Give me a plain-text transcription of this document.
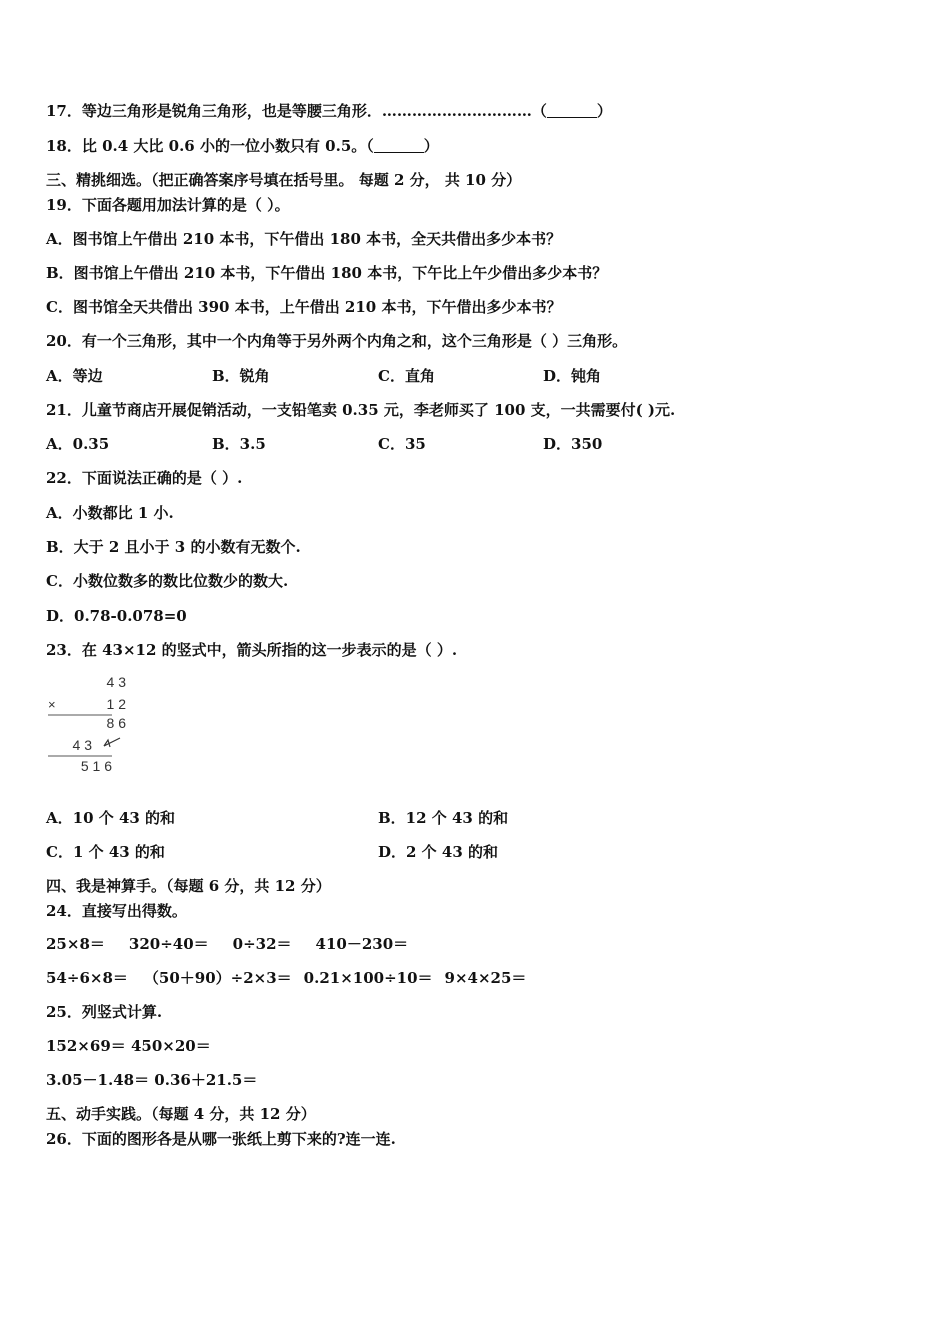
17．等边三角形是锐角三角形，也是等腰三角形．…………………………（	）
18．比 0.4 大比 0.6 小的一位小数只有 0.5。（	）
三、精挑细选。（把正确答案序号填在括号里。 每题 2 分， 共 10 分）
19．下面各题用加法计算的是（ ）。
A．图书馆上午借出 210 本书，下午借出 180 本书，全天共借出多少本书？
B．图书馆上午借出 210 本书，下午借出 180 本书，下午比上午少借出多少本书？
C．图书馆全天共借出 390 本书，上午借出 210 本书，下午借出多少本书？
20．有一个三角形，其中一个内角等于另外两个内角之和，这个三角形是（ ）三角形。
A．等边	B．锐角	C．直角	D．钝角
21．儿童节商店开展促销活动，一支铅笔卖 0.35 元，李老师买了 100 支，一共需要付( )元.
A．0.35	B．3.5	C．35	D．350
22．下面说法正确的是（ ）.
A．小数都比 1 小.
B．大于 2 且小于 3 的小数有无数个.
C．小数位数多的数比位数少的数大.
D．0.78-0.078=0
23．在 43×12 的竖式中，箭头所指的这一步表示的是（ ）.
4 3
×	1 2
8 6
4 3
5 1 6
A．10 个 43 的和	B．12 个 43 的和
C．1 个 43 的和	D．2 个 43 的和
四、我是神算手。（每题 6 分，共 12 分）
24．直接写出得数。
25×8＝ 320÷40＝ 0÷32＝ 410－230＝
54÷6×8＝ （50＋90）÷2×3＝ 0.21×100÷10＝ 9×4×25＝
25．列竖式计算.
152×69＝ 450×20＝
3.05－1.48＝ 0.36＋21.5＝
五、动手实践。（每题 4 分，共 12 分）
26．下面的图形各是从哪一张纸上剪下来的?连一连.
